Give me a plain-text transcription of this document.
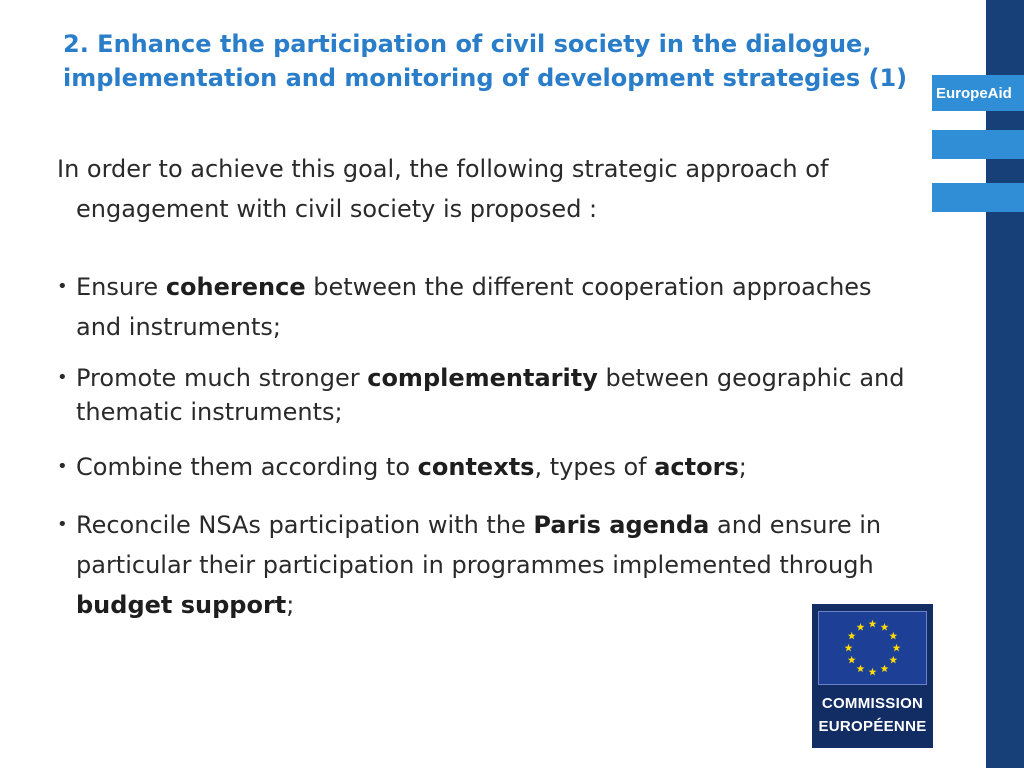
EuropeAid
2. Enhance the participation of civil society in the dialogue, implementation and monitoring of development strategies (1)

In order to achieve this goal, the following strategic approach of engagement with civil society is proposed :

• Ensure coherence between the different cooperation approaches and instruments;
• Promote much stronger complementarity between geographic and thematic instruments;
• Combine them according to contexts, types of actors;
• Reconcile NSAs participation with the Paris agenda and ensure in particular their participation in programmes implemented through budget support;
COMMISSION
EUROPÉENNE
